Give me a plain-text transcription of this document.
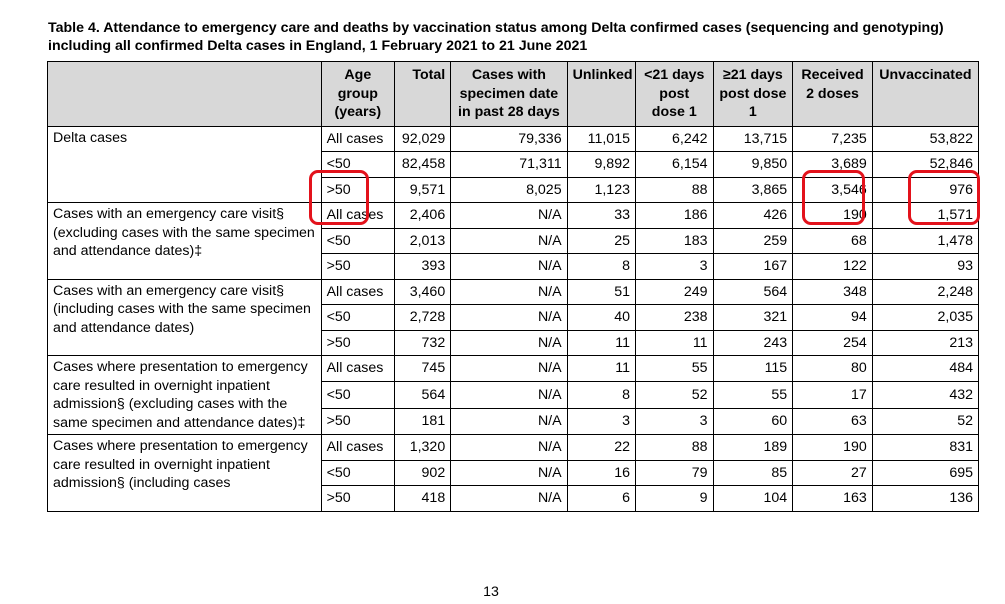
Table 4. Attendance to emergency care and deaths by vaccination status among Delta confirmed cases (sequencing and genotyping) including all confirmed Delta cases in England, 1 February 2021 to 21 June 2021
	Age group (years)	Total	Cases with specimen date in past 28 days	Unlinked	<21 days post dose 1	≥21 days post dose 1	Received 2 doses	Unvaccinated
Delta cases	All cases	92,029	79,336	11,015	6,242	13,715	7,235	53,822
	<50	82,458	71,311	9,892	6,154	9,850	3,689	52,846
	>50	9,571	8,025	1,123	88	3,865	3,546	976
Cases with an emergency care visit§ (excluding cases with the same specimen and attendance dates)‡	All cases	2,406	N/A	33	186	426	190	1,571
	<50	2,013	N/A	25	183	259	68	1,478
	>50	393	N/A	8	3	167	122	93
Cases with an emergency care visit§ (including cases with the same specimen and attendance dates)	All cases	3,460	N/A	51	249	564	348	2,248
	<50	2,728	N/A	40	238	321	94	2,035
	>50	732	N/A	11	11	243	254	213
Cases where presentation to emergency care resulted in overnight inpatient admission§ (excluding cases with the same specimen and attendance dates)‡	All cases	745	N/A	11	55	115	80	484
	<50	564	N/A	8	52	55	17	432
	>50	181	N/A	3	3	60	63	52
Cases where presentation to emergency care resulted in overnight inpatient admission§ (including cases	All cases	1,320	N/A	22	88	189	190	831
	<50	902	N/A	16	79	85	27	695
	>50	418	N/A	6	9	104	163	136
13
